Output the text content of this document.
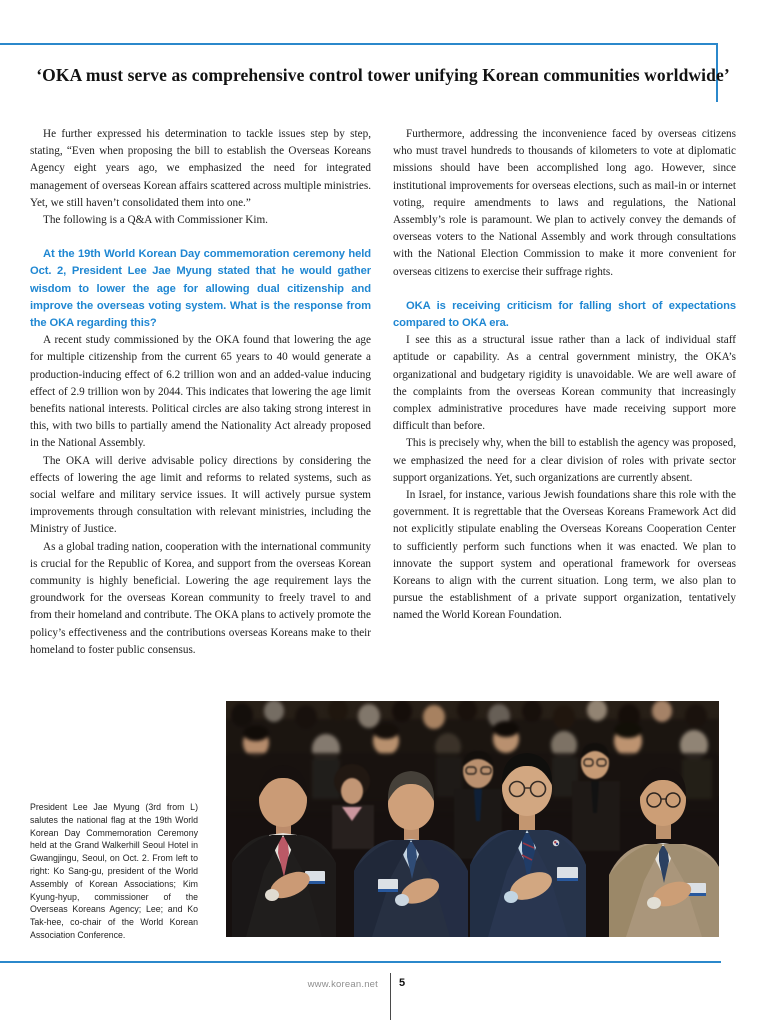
‘OKA must serve as comprehensive control tower unifying Korean communities worldwide’

He further expressed his determination to tackle issues step by step, stating, “Even when proposing the bill to establish the Overseas Koreans Agency eight years ago, we emphasized the need for integrated management of overseas Korean affairs scattered across multiple ministries. Yet, we still haven’t consolidated them into one.”

The following is a Q&A with Commissioner Kim.

At the 19th World Korean Day commemoration ceremony held Oct. 2, President Lee Jae Myung stated that he would gather wisdom to lower the age for allowing dual citizenship and improve the overseas voting system. What is the response from the OKA regarding this?

A recent study commissioned by the OKA found that lowering the age for multiple citizenship from the current 65 years to 40 would generate a production-inducing effect of 6.2 trillion won and an added-value inducing effect of 2.9 trillion won by 2044. This indicates that lowering the age limit benefits national interests. Political circles are also taking strong interest in this, with two bills to partially amend the Nationality Act already proposed in the National Assembly.

The OKA will derive advisable policy directions by considering the effects of lowering the age limit and reforms to related systems, such as social welfare and military service issues. It will actively pursue system improvements through consultation with relevant ministries, including the Ministry of Justice.

As a global trading nation, cooperation with the international community is crucial for the Republic of Korea, and support from the overseas Korean community is highly beneficial. Lowering the age requirement lays the groundwork for the overseas Korean community to freely travel to and from their homeland and contribute. The OKA plans to actively promote the policy’s effectiveness and the contributions overseas Koreans make to their homeland to foster public consensus.

Furthermore, addressing the inconvenience faced by overseas citizens who must travel hundreds to thousands of kilometers to vote at diplomatic missions should have been accomplished long ago. However, since institutional improvements for overseas elections, such as mail-in or internet voting, require amendments to laws and regulations, the National Assembly’s role is paramount. We plan to actively convey the demands of overseas voters to the National Assembly and work through consultations with the National Election Commission to make it more convenient for overseas citizens to exercise their suffrage rights.

OKA is receiving criticism for falling short of expectations compared to OKA era.

I see this as a structural issue rather than a lack of individual staff aptitude or capability. As a central government ministry, the OKA’s organizational and budgetary rigidity is unavoidable. We are well aware of the complaints from the overseas Korean community that increasingly complex administrative procedures have made receiving support more difficult than before.

This is precisely why, when the bill to establish the agency was proposed, we emphasized the need for a clear division of roles with private sector support organizations. Yet, such organizations are currently absent.

In Israel, for instance, various Jewish foundations share this role with the government. It is regrettable that the Overseas Koreans Framework Act did not explicitly stipulate enabling the Overseas Koreans Cooperation Center to sufficiently perform such functions when it was enacted. We plan to innovate the support system and operational framework for overseas Koreans to align with the current situation. Long term, we also plan to pursue the establishment of a private support organization, tentatively named the World Korean Foundation.

President Lee Jae Myung (3rd from L) salutes the national flag at the 19th World Korean Day Commemoration Ceremony held at the Grand Walkerhill Seoul Hotel in Gwangjingu, Seoul, on Oct. 2. From left to right: Ko Sang-gu, president of the World Assembly of Korean Associations; Kim Kyung-hyup, commissioner of the Overseas Koreans Agency; Lee; and Ko Tak-hee, co-chair of the World Korean Association Conference.
www.korean.net 5
